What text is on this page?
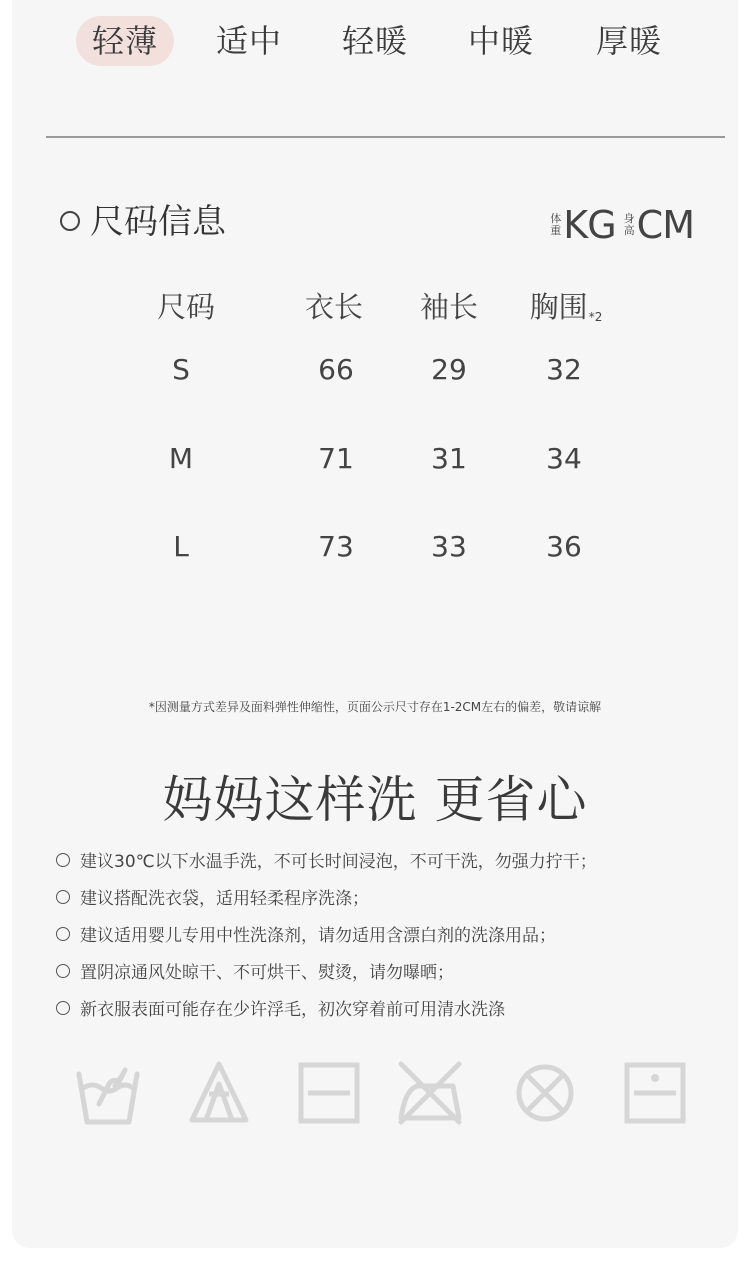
轻薄	适中	轻暖	中暖	厚暖
尺码信息	体
重 KG 身
高 CM
尺码	衣长	袖长	胸围$^{*2}$
S	66	29	32
M	71	31	34
L	73	33	36
*因测量方式差异及面料弹性伸缩性，页面公示尺寸存在1-2CM左右的偏差，敬请谅解
妈妈这样洗 更省心
建议30℃以下水温手洗，不可长时间浸泡，不可干洗，勿强力拧干；
建议搭配洗衣袋，适用轻柔程序洗涤；
建议适用婴儿专用中性洗涤剂，请勿适用含漂白剂的洗涤用品；
置阴凉通风处晾干、不可烘干、熨烫，请勿曝晒；
新衣服表面可能存在少许浮毛，初次穿着前可用清水洗涤
